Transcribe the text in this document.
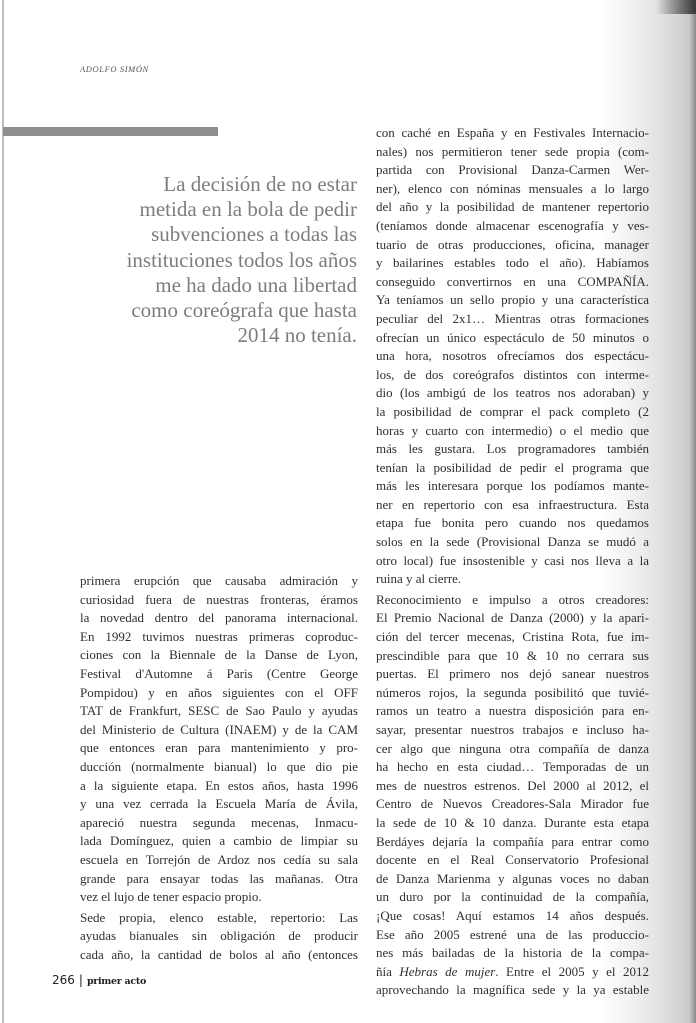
ADOLFO SIMÓN
La decisión de no estar
metida en la bola de pedir
subvenciones a todas las
instituciones todos los años
me ha dado una libertad
como coreógrafa que hasta
2014 no tenía.

primera erupción que causaba admiración y
curiosidad fuera de nuestras fronteras, éramos
la novedad dentro del panorama internacional.
En 1992 tuvimos nuestras primeras coproduc-
ciones con la Biennale de la Danse de Lyon,
Festival d'Automne á Paris (Centre George
Pompidou) y en años siguientes con el OFF
TAT de Frankfurt, SESC de Sao Paulo y ayudas
del Ministerio de Cultura (INAEM) y de la CAM
que entonces eran para mantenimiento y pro-
ducción (normalmente bianual) lo que dio pie
a la siguiente etapa. En estos años, hasta 1996
y una vez cerrada la Escuela María de Ávila,
apareció nuestra segunda mecenas, Inmacu-
lada Domínguez, quien a cambio de limpiar su
escuela en Torrejón de Ardoz nos cedía su sala
grande para ensayar todas las mañanas. Otra
vez el lujo de tener espacio propio.

Sede propia, elenco estable, repertorio: Las
ayudas bianuales sin obligación de producir
cada año, la cantidad de bolos al año (entonces

con caché en España y en Festivales Internacio-
nales) nos permitieron tener sede propia (com-
partida con Provisional Danza-Carmen Wer-
ner), elenco con nóminas mensuales a lo largo
del año y la posibilidad de mantener repertorio
(teníamos donde almacenar escenografía y ves-
tuario de otras producciones, oficina, manager
y bailarines estables todo el año). Habíamos
conseguido convertirnos en una COMPAÑÍA.
Ya teníamos un sello propio y una característica
peculiar del 2x1… Mientras otras formaciones
ofrecían un único espectáculo de 50 minutos o
una hora, nosotros ofrecíamos dos espectácu-
los, de dos coreógrafos distintos con interme-
dio (los ambigú de los teatros nos adoraban) y
la posibilidad de comprar el pack completo (2
horas y cuarto con intermedio) o el medio que
más les gustara. Los programadores también
tenían la posibilidad de pedir el programa que
más les interesara porque los podíamos mante-
ner en repertorio con esa infraestructura. Esta
etapa fue bonita pero cuando nos quedamos
solos en la sede (Provisional Danza se mudó a
otro local) fue insostenible y casi nos lleva a la
ruina y al cierre.

Reconocimiento e impulso a otros creadores:
El Premio Nacional de Danza (2000) y la apari-
ción del tercer mecenas, Cristina Rota, fue im-
prescindible para que 10 & 10 no cerrara sus
puertas. El primero nos dejó sanear nuestros
números rojos, la segunda posibilitó que tuvié-
ramos un teatro a nuestra disposición para en-
sayar, presentar nuestros trabajos e incluso ha-
cer algo que ninguna otra compañía de danza
ha hecho en esta ciudad… Temporadas de un
mes de nuestros estrenos. Del 2000 al 2012, el
Centro de Nuevos Creadores-Sala Mirador fue
la sede de 10 & 10 danza. Durante esta etapa
Berdáyes dejaría la compañía para entrar como
docente en el Real Conservatorio Profesional
de Danza Marienma y algunas voces no daban
un duro por la continuidad de la compañía,
¡Que cosas! Aquí estamos 14 años después.
Ese año 2005 estrené una de las produccio-
nes más bailadas de la historia de la compa-
ñía Hebras de mujer. Entre el 2005 y el 2012
aprovechando la magnífica sede y la ya estable

266 | primer acto
